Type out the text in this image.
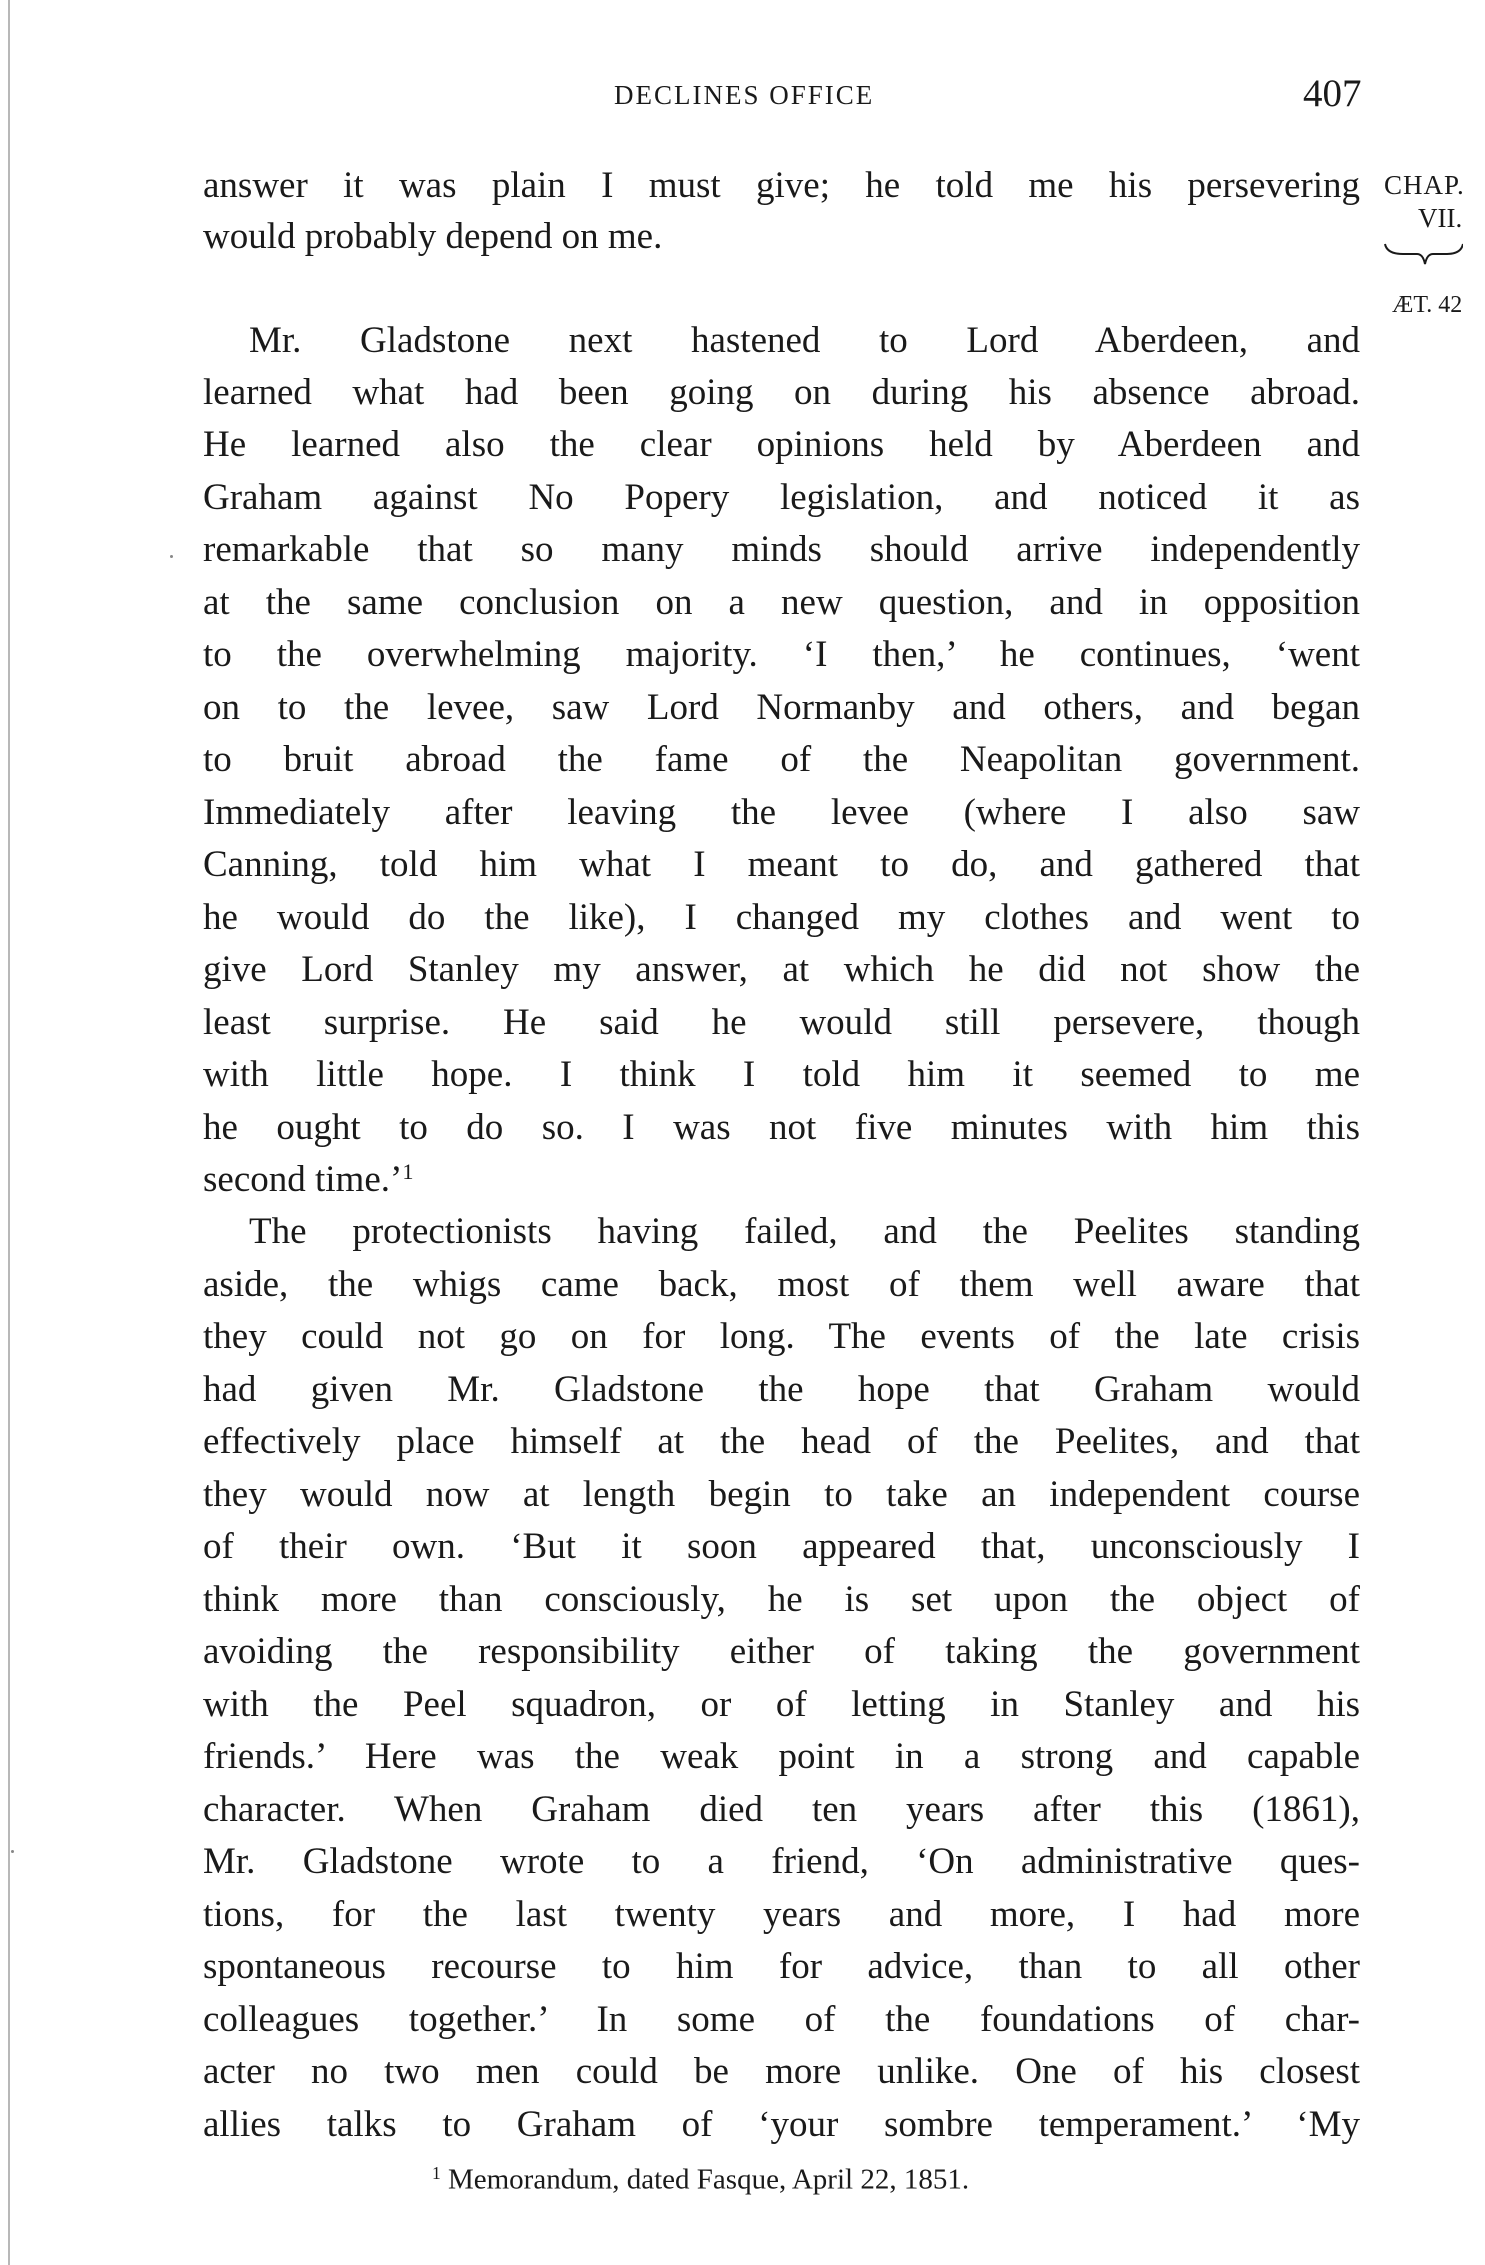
DECLINES OFFICE	407
CHAP.
VII.
ÆT. 42
answer it was plain I must give; he told me his persevering
would probably depend on me.
Mr. Gladstone next hastened to Lord Aberdeen, and
learned what had been going on during his absence abroad.
He learned also the clear opinions held by Aberdeen and
Graham against No Popery legislation, and noticed it as
remarkable that so many minds should arrive independently
at the same conclusion on a new question, and in opposition
to the overwhelming majority. ‘I then,’ he continues, ‘went
on to the levee, saw Lord Normanby and others, and began
to bruit abroad the fame of the Neapolitan government.
Immediately after leaving the levee (where I also saw
Canning, told him what I meant to do, and gathered that
he would do the like), I changed my clothes and went to
give Lord Stanley my answer, at which he did not show the
least surprise. He said he would still persevere, though
with little hope. I think I told him it seemed to me
he ought to do so. I was not five minutes with him this
second time.’$^1$
The protectionists having failed, and the Peelites standing
aside, the whigs came back, most of them well aware that
they could not go on for long. The events of the late crisis
had given Mr. Gladstone the hope that Graham would
effectively place himself at the head of the Peelites, and that
they would now at length begin to take an independent course
of their own. ‘But it soon appeared that, unconsciously I
think more than consciously, he is set upon the object of
avoiding the responsibility either of taking the government
with the Peel squadron, or of letting in Stanley and his
friends.’ Here was the weak point in a strong and capable
character. When Graham died ten years after this (1861),
Mr. Gladstone wrote to a friend, ‘On administrative ques-
tions, for the last twenty years and more, I had more
spontaneous recourse to him for advice, than to all other
colleagues together.’ In some of the foundations of char-
acter no two men could be more unlike. One of his closest
allies talks to Graham of ‘your sombre temperament.’ ‘My
$^1$ Memorandum, dated Fasque, April 22, 1851.
